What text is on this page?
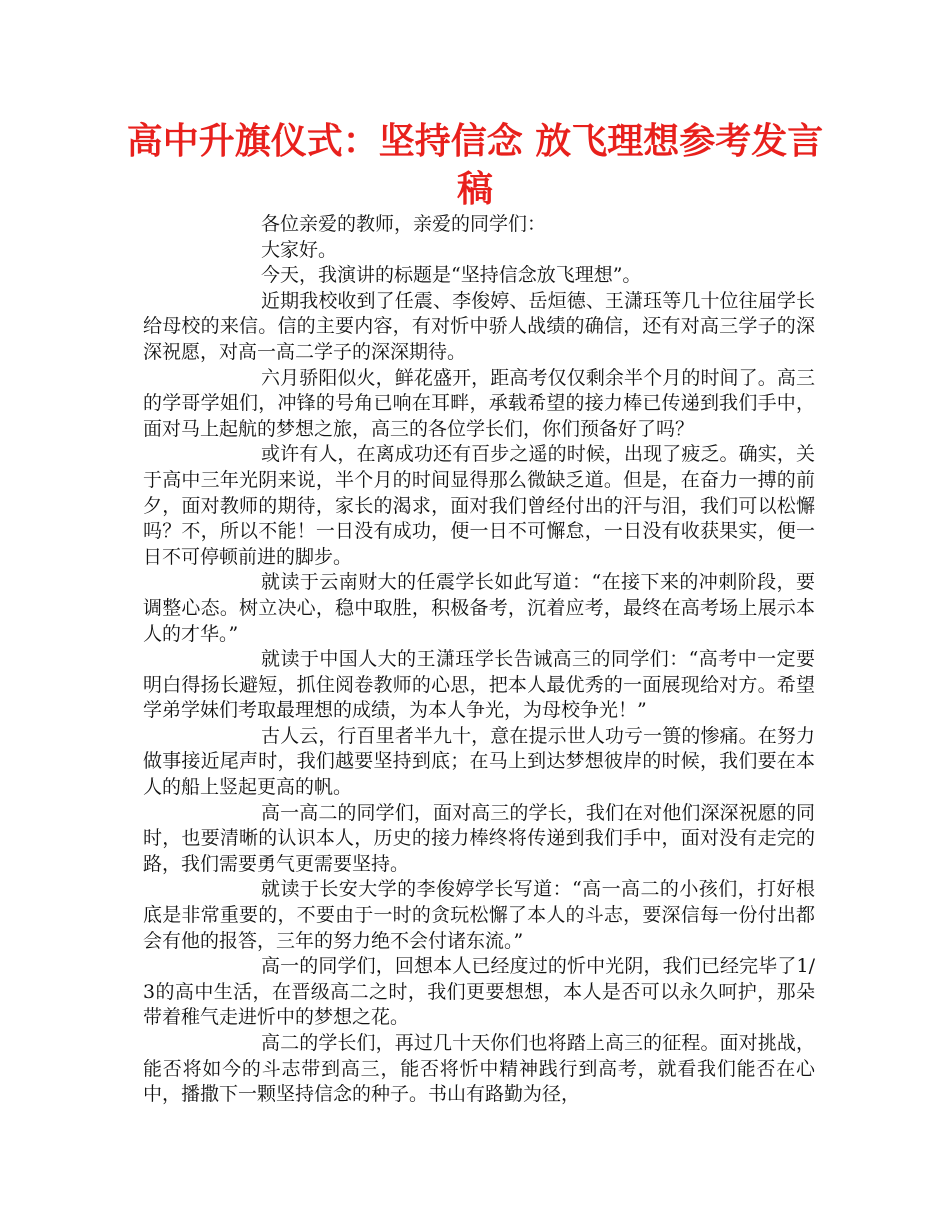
高中升旗仪式：坚持信念 放飞理想参考发言稿

各位亲爱的教师，亲爱的同学们：

大家好。

今天，我演讲的标题是“坚持信念放飞理想”。

近期我校收到了任震、李俊婷、岳烜德、王潇珏等几十位往届学长给母校的来信。信的主要内容，有对忻中骄人战绩的确信，还有对高三学子的深深祝愿，对高一高二学子的深深期待。

六月骄阳似火，鲜花盛开，距高考仅仅剩余半个月的时间了。高三的学哥学姐们，冲锋的号角已响在耳畔，承载希望的接力棒已传递到我们手中，面对马上起航的梦想之旅，高三的各位学长们，你们预备好了吗？

或许有人，在离成功还有百步之遥的时候，出现了疲乏。确实，关于高中三年光阴来说，半个月的时间显得那么微缺乏道。但是，在奋力一搏的前夕，面对教师的期待，家长的渴求，面对我们曾经付出的汗与泪，我们可以松懈吗？不，所以不能！一日没有成功，便一日不可懈怠，一日没有收获果实，便一日不可停顿前进的脚步。

就读于云南财大的任震学长如此写道：“在接下来的冲刺阶段，要调整心态。树立决心，稳中取胜，积极备考，沉着应考，最终在高考场上展示本人的才华。”

就读于中国人大的王潇珏学长告诫高三的同学们：“高考中一定要明白得扬长避短，抓住阅卷教师的心思，把本人最优秀的一面展现给对方。希望学弟学妹们考取最理想的成绩，为本人争光，为母校争光！”

古人云，行百里者半九十，意在提示世人功亏一篑的惨痛。在努力做事接近尾声时，我们越要坚持到底；在马上到达梦想彼岸的时候，我们要在本人的船上竖起更高的帆。

高一高二的同学们，面对高三的学长，我们在对他们深深祝愿的同时，也要清晰的认识本人，历史的接力棒终将传递到我们手中，面对没有走完的路，我们需要勇气更需要坚持。

就读于长安大学的李俊婷学长写道：“高一高二的小孩们，打好根底是非常重要的，不要由于一时的贪玩松懈了本人的斗志，要深信每一份付出都会有他的报答，三年的努力绝不会付诸东流。”

高一的同学们，回想本人已经度过的忻中光阴，我们已经完毕了1/3的高中生活，在晋级高二之时，我们更要想想，本人是否可以永久呵护，那朵带着稚气走进忻中的梦想之花。

高二的学长们，再过几十天你们也将踏上高三的征程。面对挑战，能否将如今的斗志带到高三，能否将忻中精神践行到高考，就看我们能否在心中，播撒下一颗坚持信念的种子。书山有路勤为径，
